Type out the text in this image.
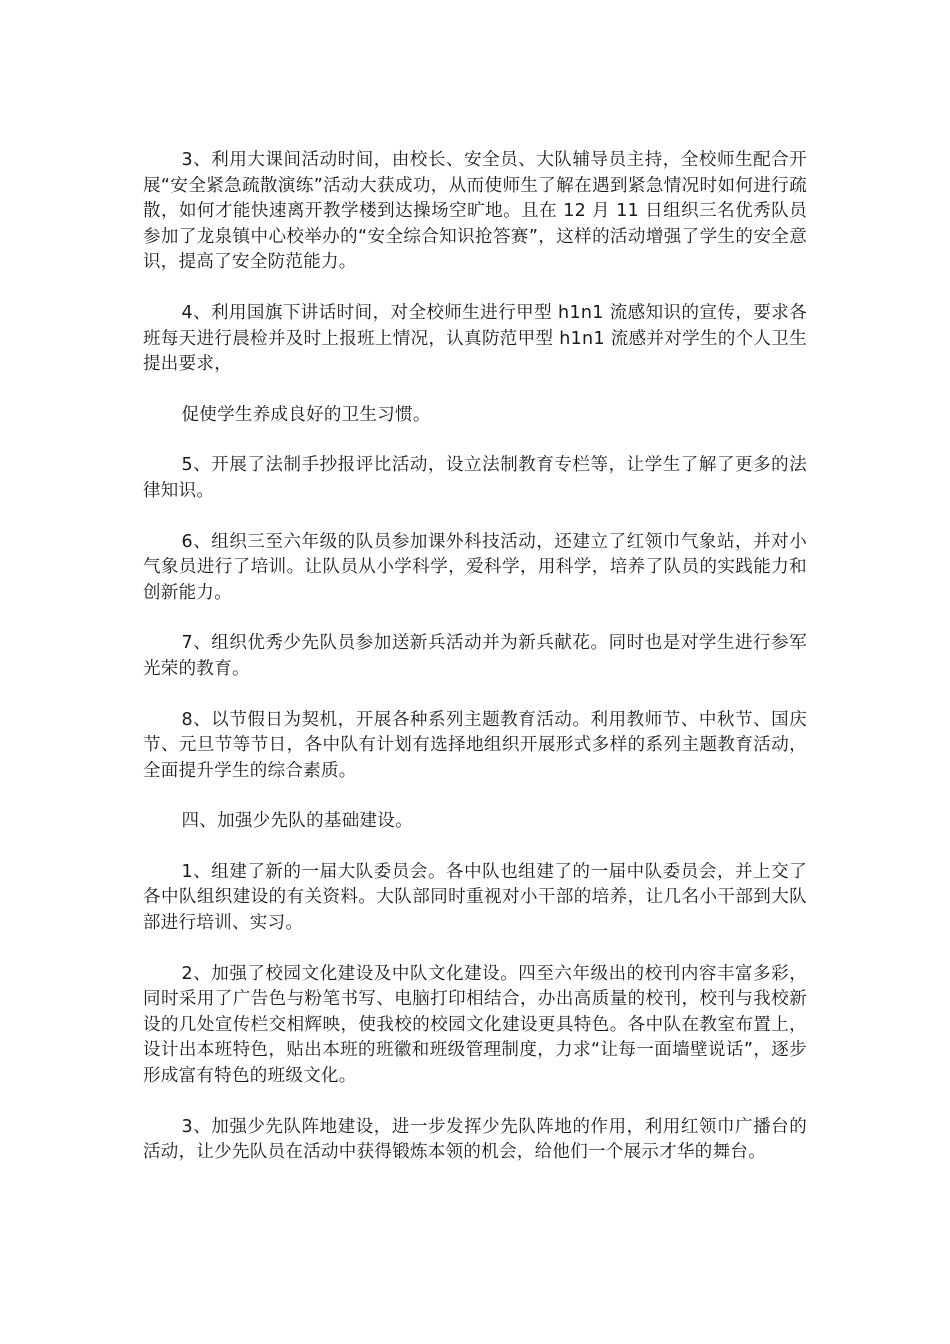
3、利用大课间活动时间，由校长、安全员、大队辅导员主持，全校师生配合开展“安全紧急疏散演练”活动大获成功，从而使师生了解在遇到紧急情况时如何进行疏散，如何才能快速离开教学楼到达操场空旷地。且在 12 月 11 日组织三名优秀队员参加了龙泉镇中心校举办的“安全综合知识抢答赛”，这样的活动增强了学生的安全意识，提高了安全防范能力。

4、利用国旗下讲话时间，对全校师生进行甲型 h1n1 流感知识的宣传，要求各班每天进行晨检并及时上报班上情况，认真防范甲型 h1n1 流感并对学生的个人卫生提出要求，

促使学生养成良好的卫生习惯。

5、开展了法制手抄报评比活动，设立法制教育专栏等，让学生了解了更多的法律知识。

6、组织三至六年级的队员参加课外科技活动，还建立了红领巾气象站，并对小气象员进行了培训。让队员从小学科学，爱科学，用科学，培养了队员的实践能力和创新能力。

7、组织优秀少先队员参加送新兵活动并为新兵献花。同时也是对学生进行参军光荣的教育。

8、以节假日为契机，开展各种系列主题教育活动。利用教师节、中秋节、国庆节、元旦节等节日，各中队有计划有选择地组织开展形式多样的系列主题教育活动，全面提升学生的综合素质。

四、加强少先队的基础建设。

1、组建了新的一届大队委员会。各中队也组建了的一届中队委员会，并上交了各中队组织建设的有关资料。大队部同时重视对小干部的培养，让几名小干部到大队部进行培训、实习。

2、加强了校园文化建设及中队文化建设。四至六年级出的校刊内容丰富多彩，同时采用了广告色与粉笔书写、电脑打印相结合，办出高质量的校刊，校刊与我校新设的几处宣传栏交相辉映，使我校的校园文化建设更具特色。各中队在教室布置上，设计出本班特色，贴出本班的班徽和班级管理制度，力求“让每一面墙壁说话”，逐步形成富有特色的班级文化。

3、加强少先队阵地建设，进一步发挥少先队阵地的作用，利用红领巾广播台的活动，让少先队员在活动中获得锻炼本领的机会，给他们一个展示才华的舞台。
